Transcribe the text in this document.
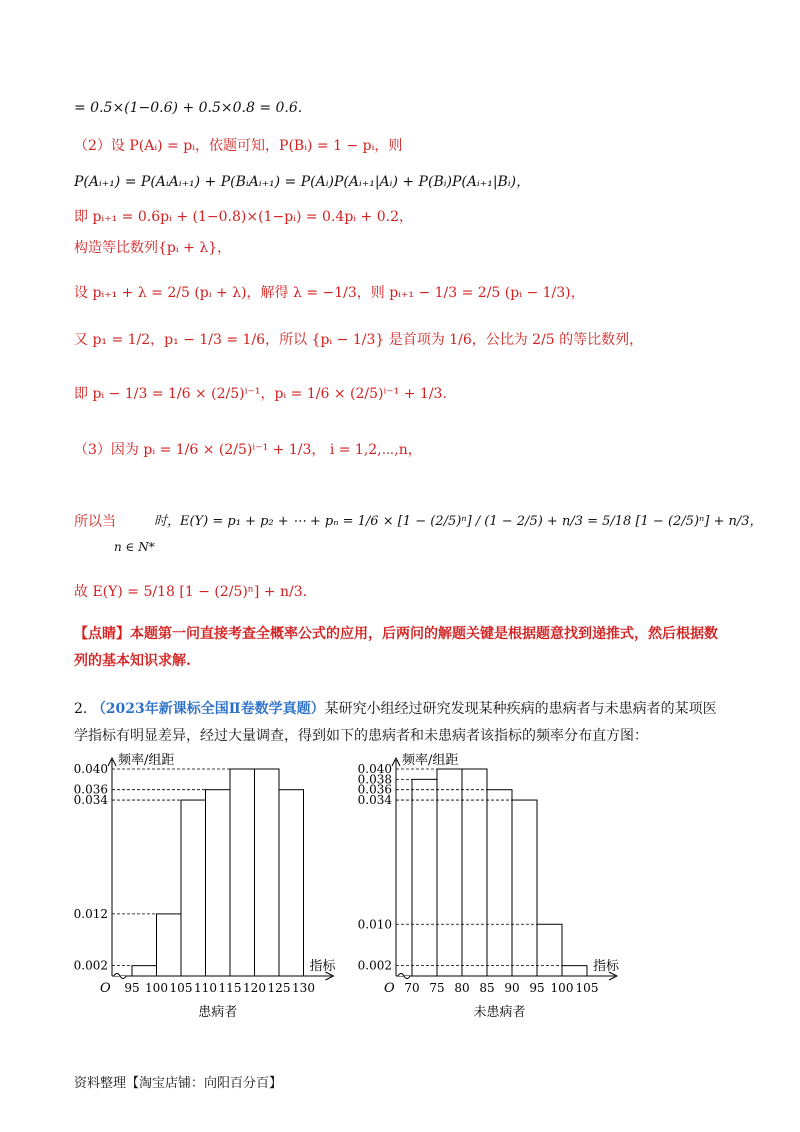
= 0.5×(1−0.6) + 0.5×0.8 = 0.6.
（2）设 P(Aᵢ) = pᵢ，依题可知，P(Bᵢ) = 1 − pᵢ，则
P(Aᵢ₊₁) = P(AᵢAᵢ₊₁) + P(BᵢAᵢ₊₁) = P(Aᵢ)P(Aᵢ₊₁|Aᵢ) + P(Bᵢ)P(Aᵢ₊₁|Bᵢ)，
即 pᵢ₊₁ = 0.6pᵢ + (1−0.8)×(1−pᵢ) = 0.4pᵢ + 0.2，
构造等比数列{pᵢ + λ}，
设 pᵢ₊₁ + λ = 2/5 (pᵢ + λ)，解得 λ = −1/3，则 pᵢ₊₁ − 1/3 = 2/5 (pᵢ − 1/3)，
又 p₁ = 1/2，p₁ − 1/3 = 1/6，所以 {pᵢ − 1/3} 是首项为 1/6，公比为 2/5 的等比数列，
即 pᵢ − 1/3 = 1/6 × (2/5)ⁱ⁻¹，pᵢ = 1/6 × (2/5)ⁱ⁻¹ + 1/3.
（3）因为 pᵢ = 1/6 × (2/5)ⁱ⁻¹ + 1/3， i = 1,2,⋯,n，
所以当
n ∈ N*
时，E(Y) = p₁ + p₂ + ⋯ + pₙ = 1/6 × [1 − (2/5)ⁿ] / (1 − 2/5) + n/3 = 5/18 [1 − (2/5)ⁿ] + n/3，
故 E(Y) = 5/18 [1 − (2/5)ⁿ] + n/3.
【点睛】本题第一问直接考查全概率公式的应用，后两问的解题关键是根据题意找到递推式，然后根据数
列的基本知识求解.
2. （2023年新课标全国Ⅱ卷数学真题）某研究小组经过研究发现某种疾病的患病者与未患病者的某项医
学指标有明显差异，经过大量调查，得到如下的患病者和未患病者该指标的频率分布直方图：
频率/组距
指标
O
0.002
0.012
0.034
0.036
0.040
95 100 105 110 115 120 125 130
患病者
频率/组距
指标
O
0.002
0.010
0.034
0.036
0.038
0.040
70 75 80 85 90 95 100 105
未患病者
资料整理【淘宝店铺：向阳百分百】
